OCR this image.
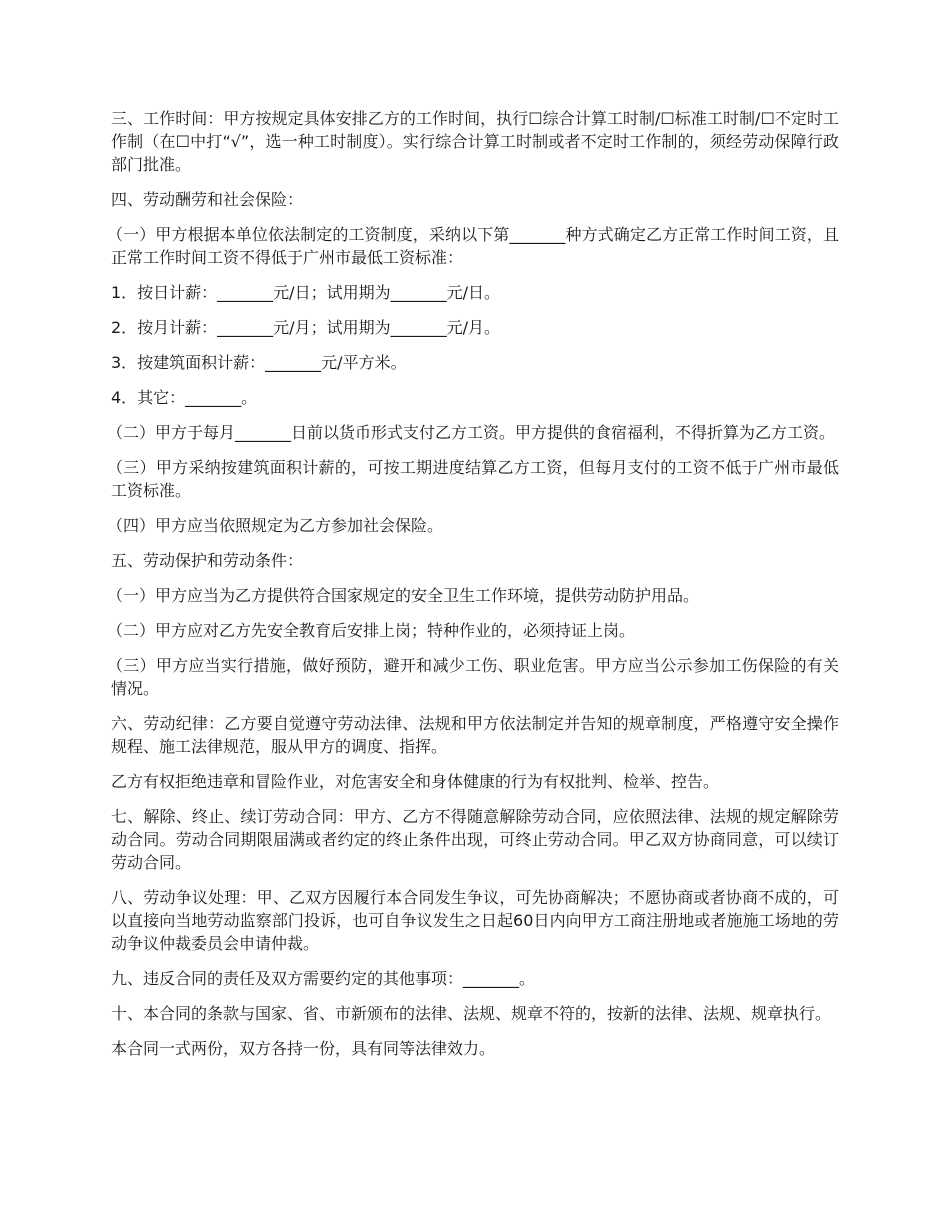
三、工作时间：甲方按规定具体安排乙方的工作时间，执行☐综合计算工时制/☐标准工时制/☐不定时工作制（在☐中打“√”，选一种工时制度）。实行综合计算工时制或者不定时工作制的，须经劳动保障行政部门批准。

四、劳动酬劳和社会保险：

（一）甲方根据本单位依法制定的工资制度，采纳以下第_______种方式确定乙方正常工作时间工资，且正常工作时间工资不得低于广州市最低工资标准：

1．按日计薪：_______元/日；试用期为_______元/日。

2．按月计薪：_______元/月；试用期为_______元/月。

3．按建筑面积计薪：_______元/平方米。

4．其它：_______。

（二）甲方于每月_______日前以货币形式支付乙方工资。甲方提供的食宿福利，不得折算为乙方工资。

（三）甲方采纳按建筑面积计薪的，可按工期进度结算乙方工资，但每月支付的工资不低于广州市最低工资标准。

（四）甲方应当依照规定为乙方参加社会保险。

五、劳动保护和劳动条件：

（一）甲方应当为乙方提供符合国家规定的安全卫生工作环境，提供劳动防护用品。

（二）甲方应对乙方先安全教育后安排上岗；特种作业的，必须持证上岗。

（三）甲方应当实行措施，做好预防，避开和减少工伤、职业危害。甲方应当公示参加工伤保险的有关情况。

六、劳动纪律：乙方要自觉遵守劳动法律、法规和甲方依法制定并告知的规章制度，严格遵守安全操作规程、施工法律规范，服从甲方的调度、指挥。

乙方有权拒绝违章和冒险作业，对危害安全和身体健康的行为有权批判、检举、控告。

七、解除、终止、续订劳动合同：甲方、乙方不得随意解除劳动合同，应依照法律、法规的规定解除劳动合同。劳动合同期限届满或者约定的终止条件出现，可终止劳动合同。甲乙双方协商同意，可以续订劳动合同。

八、劳动争议处理：甲、乙双方因履行本合同发生争议，可先协商解决；不愿协商或者协商不成的，可以直接向当地劳动监察部门投诉，也可自争议发生之日起60日内向甲方工商注册地或者施施工场地的劳动争议仲裁委员会申请仲裁。

九、违反合同的责任及双方需要约定的其他事项：_______。

十、本合同的条款与国家、省、市新颁布的法律、法规、规章不符的，按新的法律、法规、规章执行。

本合同一式两份，双方各持一份，具有同等法律效力。
